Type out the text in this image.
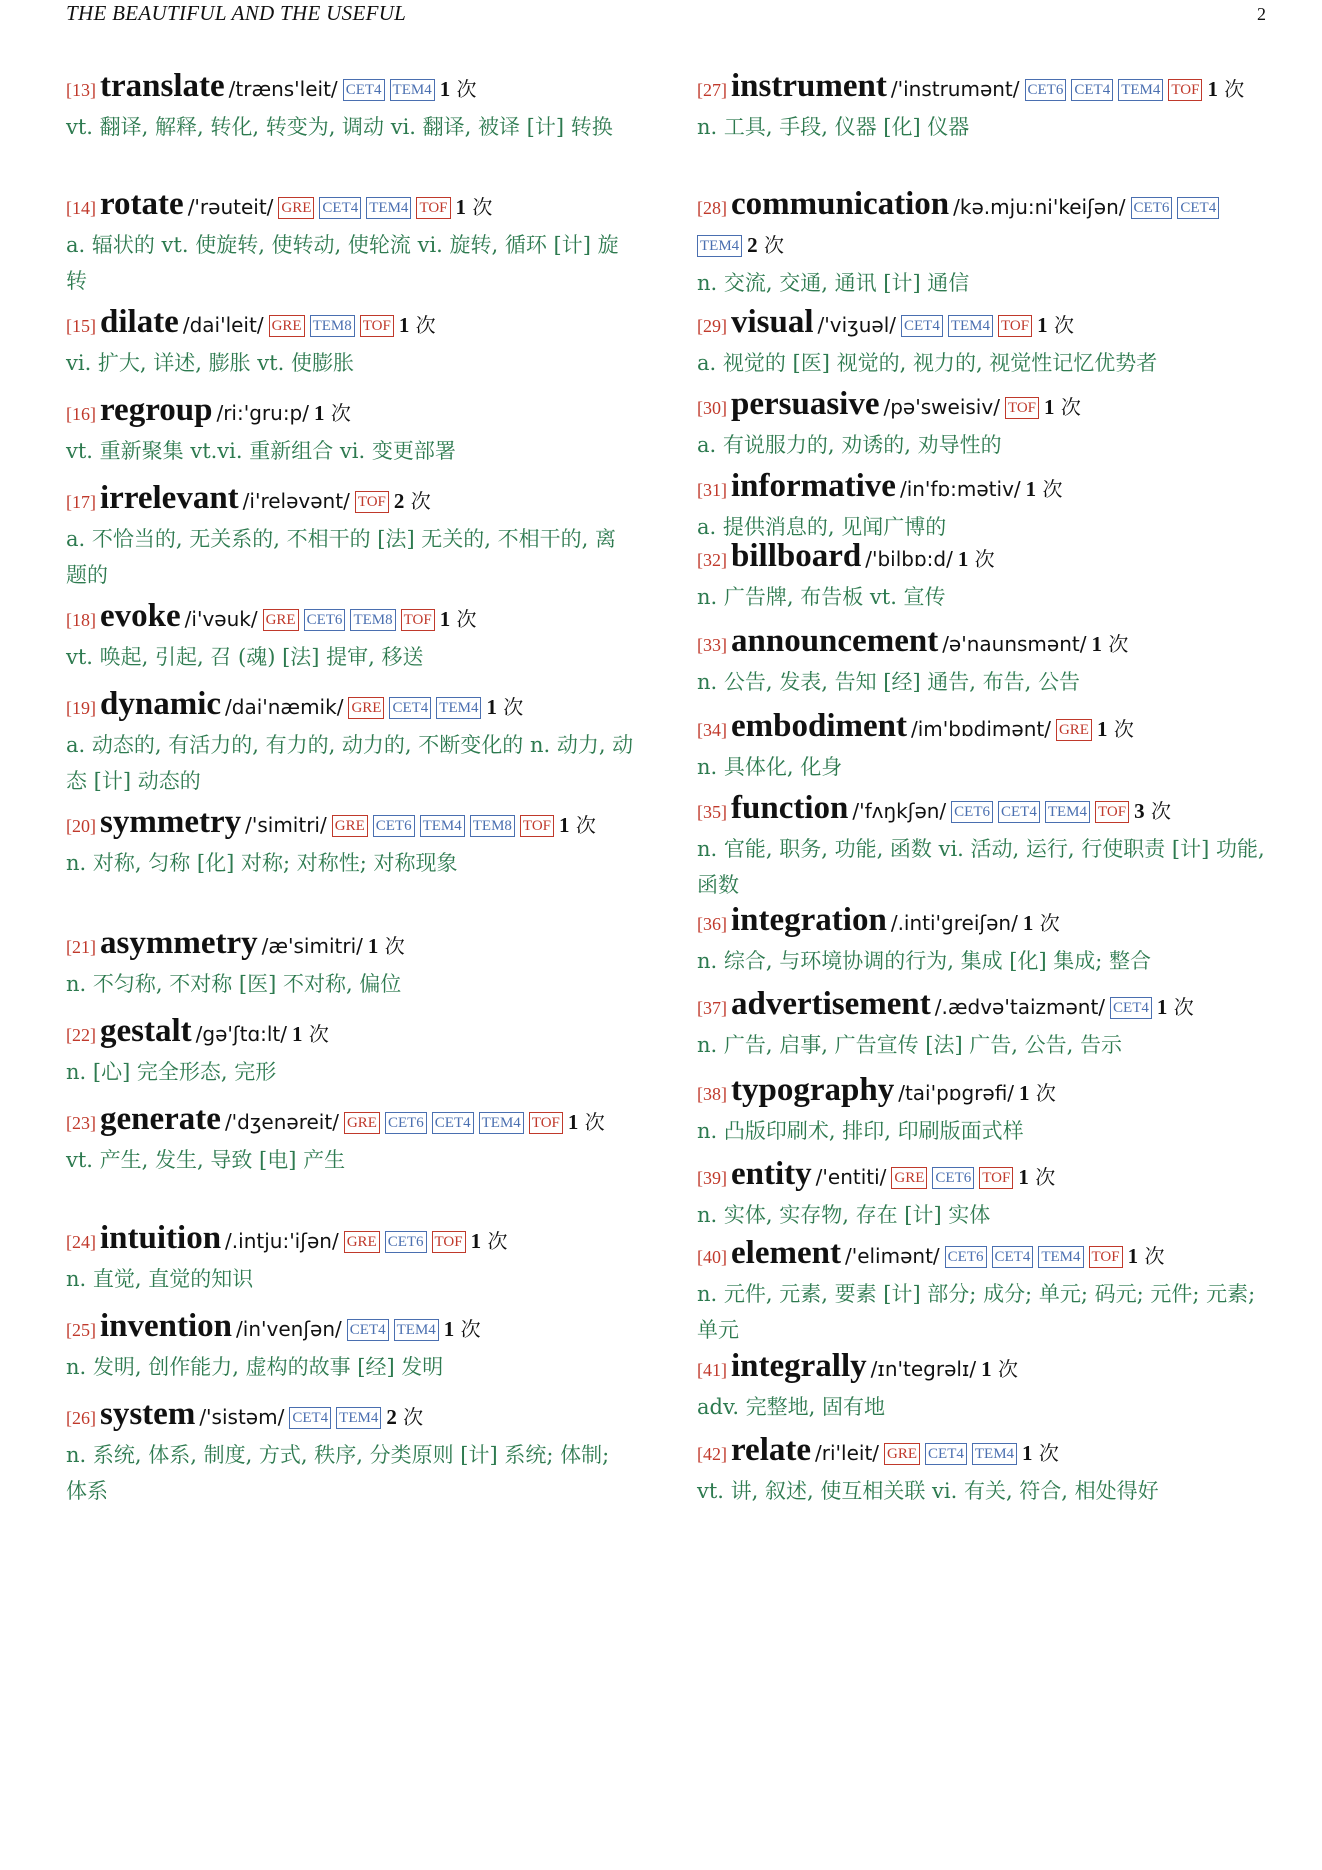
THE BEAUTIFUL AND THE USEFUL	2
[13] translate /træns'leit/ CET4 TEM4 1 次
vt. 翻译, 解释, 转化, 转变为, 调动 vi. 翻译, 被译 [计] 转换
[14] rotate /'rəuteit/ GRE CET4 TEM4 TOF 1 次
a. 辐状的 vt. 使旋转, 使转动, 使轮流 vi. 旋转, 循环 [计] 旋转
[15] dilate /dai'leit/ GRE TEM8 TOF 1 次
vi. 扩大, 详述, 膨胀 vt. 使膨胀
[16] regroup /ri:'gru:p/ 1 次
vt. 重新聚集 vt.vi. 重新组合 vi. 变更部署
[17] irrelevant /i'reləvənt/ TOF 2 次
a. 不恰当的, 无关系的, 不相干的 [法] 无关的, 不相干的, 离题的
[18] evoke /i'vəuk/ GRE CET6 TEM8 TOF 1 次
vt. 唤起, 引起, 召 (魂) [法] 提审, 移送
[19] dynamic /dai'næmik/ GRE CET4 TEM4 1 次
a. 动态的, 有活力的, 有力的, 动力的, 不断变化的 n. 动力, 动态 [计] 动态的
[20] symmetry /'simitri/ GRE CET6 TEM4 TEM8 TOF 1 次
n. 对称, 匀称 [化] 对称; 对称性; 对称现象
[21] asymmetry /æ'simitri/ 1 次
n. 不匀称, 不对称 [医] 不对称, 偏位
[22] gestalt /gə'ʃtɑ:lt/ 1 次
n. [心] 完全形态, 完形
[23] generate /'dʒenəreit/ GRE CET6 CET4 TEM4 TOF 1 次
vt. 产生, 发生, 导致 [电] 产生
[24] intuition /.intju:'iʃən/ GRE CET6 TOF 1 次
n. 直觉, 直觉的知识
[25] invention /in'venʃən/ CET4 TEM4 1 次
n. 发明, 创作能力, 虚构的故事 [经] 发明
[26] system /'sistəm/ CET4 TEM4 2 次
n. 系统, 体系, 制度, 方式, 秩序, 分类原则 [计] 系统; 体制; 体系
[27] instrument /'instrumənt/ CET6 CET4 TEM4 TOF 1 次
n. 工具, 手段, 仪器 [化] 仪器
[28] communication /kə.mju:ni'keiʃən/ CET6 CET4TEM4 2 次
n. 交流, 交通, 通讯 [计] 通信
[29] visual /'viʒuəl/ CET4 TEM4 TOF 1 次
a. 视觉的 [医] 视觉的, 视力的, 视觉性记忆优势者
[30] persuasive /pə'sweisiv/ TOF 1 次
a. 有说服力的, 劝诱的, 劝导性的
[31] informative /in'fɒ:mətiv/ 1 次
a. 提供消息的, 见闻广博的
[32] billboard /'bilbɒ:d/ 1 次
n. 广告牌, 布告板 vt. 宣传
[33] announcement /ə'naunsmənt/ 1 次
n. 公告, 发表, 告知 [经] 通告, 布告, 公告
[34] embodiment /im'bɒdimənt/ GRE 1 次
n. 具体化, 化身
[35] function /'fʌŋkʃən/ CET6 CET4 TEM4 TOF 3 次
n. 官能, 职务, 功能, 函数 vi. 活动, 运行, 行使职责 [计] 功能, 函数
[36] integration /.inti'greiʃən/ 1 次
n. 综合, 与环境协调的行为, 集成 [化] 集成; 整合
[37] advertisement /.ædvə'taizmənt/ CET4 1 次
n. 广告, 启事, 广告宣传 [法] 广告, 公告, 告示
[38] typography /tai'pɒgrəfi/ 1 次
n. 凸版印刷术, 排印, 印刷版面式样
[39] entity /'entiti/ GRE CET6 TOF 1 次
n. 实体, 实存物, 存在 [计] 实体
[40] element /'elimənt/ CET6 CET4 TEM4 TOF 1 次
n. 元件, 元素, 要素 [计] 部分; 成分; 单元; 码元; 元件; 元素; 单元
[41] integrally /ɪn'tegrəlɪ/ 1 次
adv. 完整地, 固有地
[42] relate /ri'leit/ GRE CET4 TEM4 1 次
vt. 讲, 叙述, 使互相关联 vi. 有关, 符合, 相处得好
